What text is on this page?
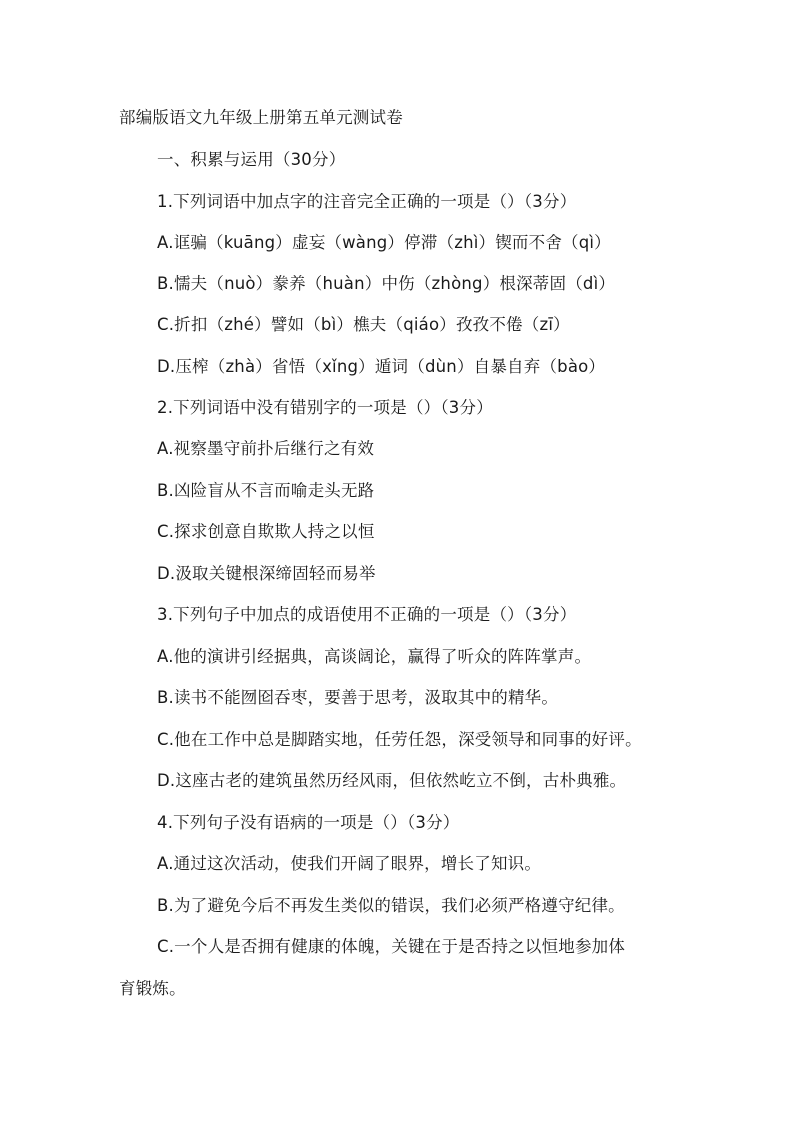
部编版语文九年级上册第五单元测试卷
一、积累与运用（30分）
1.下列词语中加点字的注音完全正确的一项是（）（3分）
A.诓骗（kuāng）虚妄（wàng）停滞（zhì）锲而不舍（qì）
B.懦夫（nuò）豢养（huàn）中伤（zhòng）根深蒂固（dì）
C.折扣（zhé）譬如（bì）樵夫（qiáo）孜孜不倦（zī）
D.压榨（zhà）省悟（xǐng）遁词（dùn）自暴自弃（bào）
2.下列词语中没有错别字的一项是（）（3分）
A.视察墨守前扑后继行之有效
B.凶险盲从不言而喻走头无路
C.探求创意自欺欺人持之以恒
D.汲取关键根深缔固轻而易举
3.下列句子中加点的成语使用不正确的一项是（）（3分）
A.他的演讲引经据典，高谈阔论，赢得了听众的阵阵掌声。
B.读书不能囫囵吞枣，要善于思考，汲取其中的精华。
C.他在工作中总是脚踏实地，任劳任怨，深受领导和同事的好评。
D.这座古老的建筑虽然历经风雨，但依然屹立不倒，古朴典雅。
4.下列句子没有语病的一项是（）（3分）
A.通过这次活动，使我们开阔了眼界，增长了知识。
B.为了避免今后不再发生类似的错误，我们必须严格遵守纪律。
C.一个人是否拥有健康的体魄，关键在于是否持之以恒地参加体
育锻炼。
